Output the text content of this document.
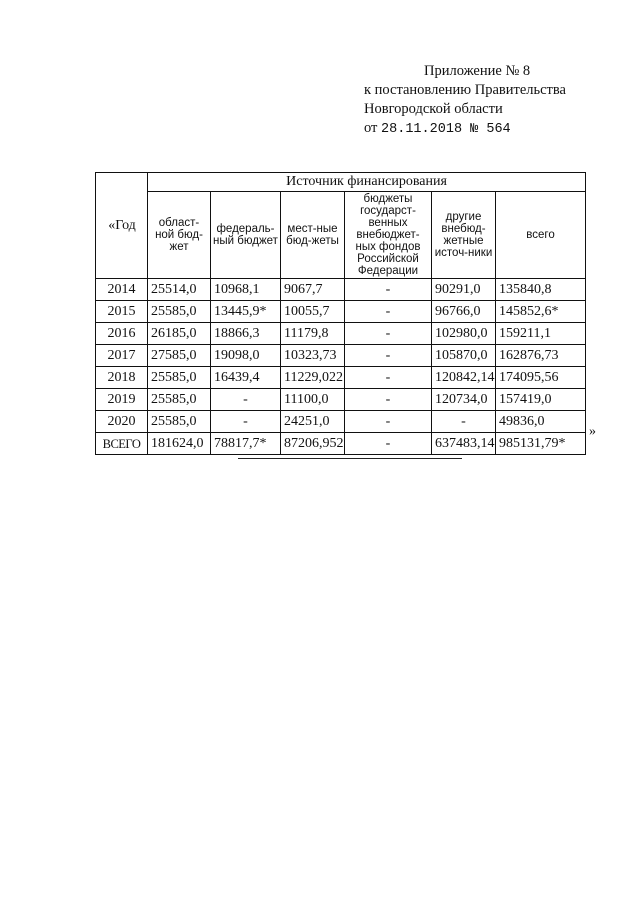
Приложение № 8
к постановлению Правительства
Новгородской области
от 28.11.2018 № 564
«Год	Источник финансирования					
	област-ной бюд-жет	федераль-ный бюджет	мест-ные бюд-жеты	бюджеты государст-венных внебюджет-ных фондов Российской Федерации	другие внебюд-жетные источ-ники	всего
2014	25514,0	10968,1	9067,7	-	90291,0	135840,8
2015	25585,0	13445,9*	10055,7	-	96766,0	145852,6*
2016	26185,0	18866,3	11179,8	-	102980,0	159211,1
2017	27585,0	19098,0	10323,73	-	105870,0	162876,73
2018	25585,0	16439,4	11229,022	-	120842,14	174095,56
2019	25585,0	-	11100,0	-	120734,0	157419,0
2020	25585,0	-	24251,0	-	-	49836,0
ВСЕГО	181624,0	78817,7*	87206,952	-	637483,14	985131,79*
»
